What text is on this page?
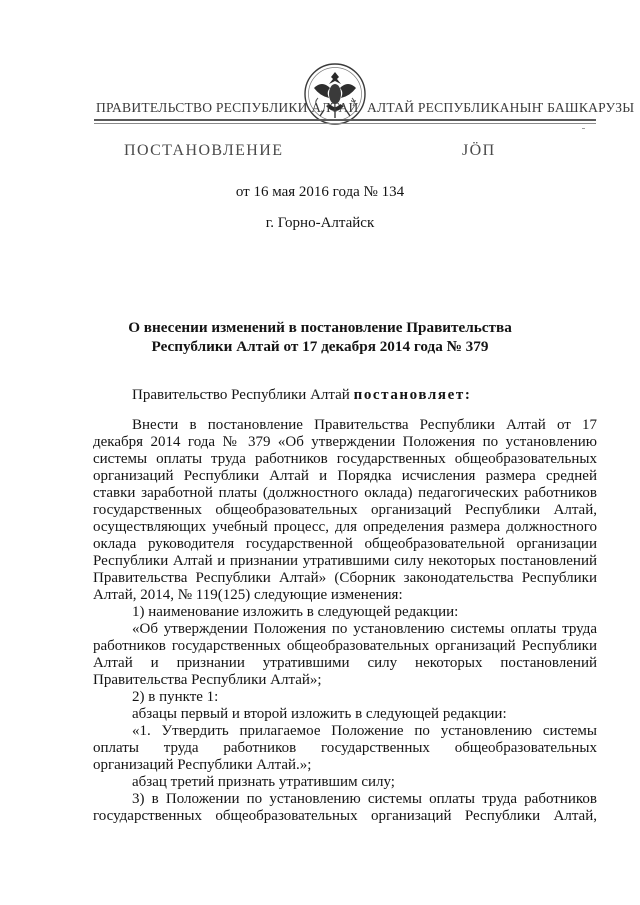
ПРАВИТЕЛЬСТВО РЕСПУБЛИКИ АЛТАЙ АЛТАЙ РЕСПУБЛИКАНЫҤ БАШКАРУЗЫ
ПОСТАНОВЛЕНИЕ	ЈӦП
от 16 мая 2016 года № 134
г. Горно-Алтайск
О внесении изменений в постановление Правительства
Республики Алтай от 17 декабря 2014 года № 379
Правительство Республики Алтай постановляет:

Внести в постановление Правительства Республики Алтай от 17

декабря 2014 года № 379 «Об утверждении Положения по установлению

системы оплаты труда работников государственных общеобразовательных

организаций Республики Алтай и Порядка исчисления размера средней

ставки заработной платы (должностного оклада) педагогических работников

государственных общеобразовательных организаций Республики Алтай,

осуществляющих учебный процесс, для определения размера должностного

оклада руководителя государственной общеобразовательной организации

Республики Алтай и признании утратившими силу некоторых постановлений

Правительства Республики Алтай» (Сборник законодательства Республики

Алтай, 2014, № 119(125) следующие изменения:

1) наименование изложить в следующей редакции:

«Об утверждении Положения по установлению системы оплаты труда

работников государственных общеобразовательных организаций Республики

Алтай и признании утратившими силу некоторых постановлений

Правительства Республики Алтай»;

2) в пункте 1:

абзацы первый и второй изложить в следующей редакции:

«1. Утвердить прилагаемое Положение по установлению системы

оплаты труда работников государственных общеобразовательных

организаций Республики Алтай.»;

абзац третий признать утратившим силу;

3) в Положении по установлению системы оплаты труда работников

государственных общеобразовательных организаций Республики Алтай,
